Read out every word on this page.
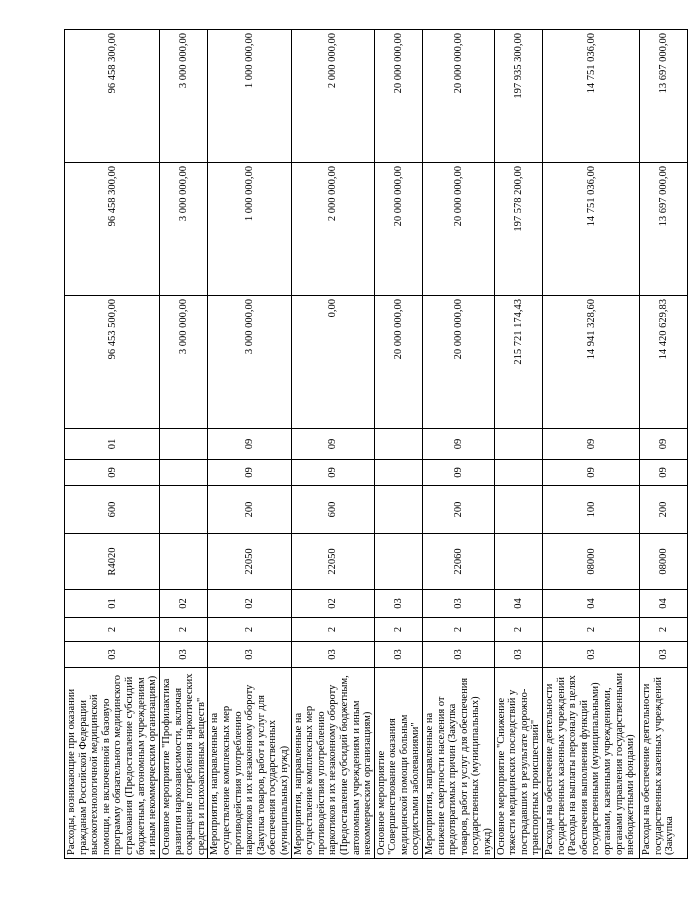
Расходы, возникающие при оказании гражданам Российской Федерации высокотехнологичной медицинской помощи, не включенной в базовую программу обязательного медицинского страхования (Предоставление субсидий бюджетным, автономным учреждениям и иным некоммерческим организациям)	03	2	01	R4020	600	09	01	96 453 500,00	96 458 300,00	96 458 300,00
Основное мероприятие "Профилактика развития наркозависимости, включая сокращение потребления наркотических средств и психоактивных веществ"	03	2	02					3 000 000,00	3 000 000,00	3 000 000,00
Мероприятия, направленные на осуществление комплексных мер противодействия употреблению наркотиков и их незаконному обороту (Закупка товаров, работ и услуг для обеспечения государственных (муниципальных) нужд)	03	2	02	22050	200	09	09	3 000 000,00	1 000 000,00	1 000 000,00
Мероприятия, направленные на осуществление комплексных мер противодействия употреблению наркотиков и их незаконному обороту (Предоставление субсидий бюджетным, автономным учреждениям и иным некоммерческим организациям)	03	2	02	22050	600	09	09	0,00	2 000 000,00	2 000 000,00
Основное мероприятие "Совершенствование оказания медицинской помощи больным сосудистыми заболеваниями"	03	2	03					20 000 000,00	20 000 000,00	20 000 000,00
Мероприятия, направленные на снижение смертности населения от предотвратимых причин (Закупка товаров, работ и услуг для обеспечения государственных (муниципальных) нужд)	03	2	03	22060	200	09	09	20 000 000,00	20 000 000,00	20 000 000,00
Основное мероприятие "Снижение тяжести медицинских последствий у пострадавших в результате дорожно-транспортных происшествий"	03	2	04					215 721 174,43	197 578 200,00	197 935 300,00
Расходы на обеспечение деятельности государственных казенных учреждений (Расходы на выплаты персоналу в целях обеспечения выполнения функций государственными (муниципальными) органами, казенными учреждениями, органами управления государственными внебюджетными фондами)	03	2	04	08000	100	09	09	14 941 328,60	14 751 036,00	14 751 036,00
Расходы на обеспечение деятельности государственных казенных учреждений (Закупка	03	2	04	08000	200	09	09	14 420 629,83	13 697 000,00	13 697 000,00
